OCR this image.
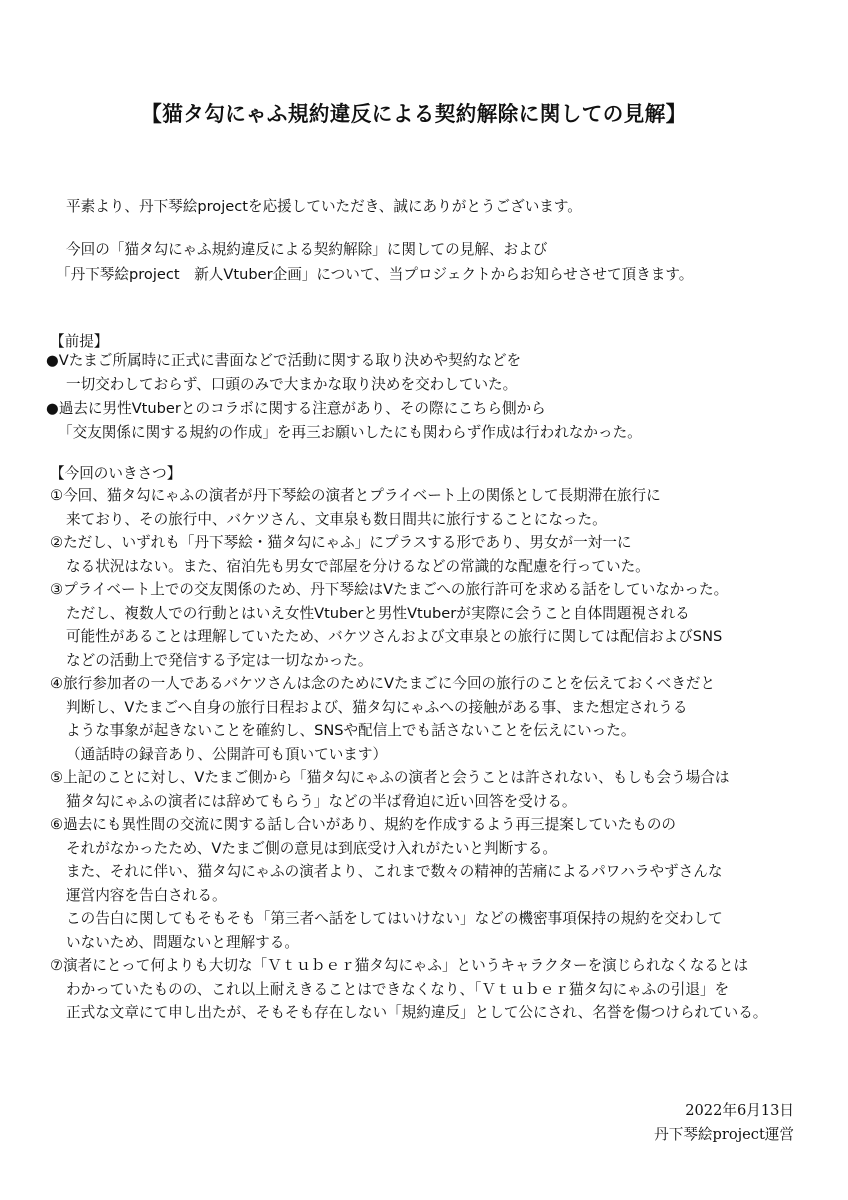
【猫タ勾にゃふ規約違反による契約解除に関しての見解】
平素より、丹下琴絵projectを応援していただき、誠にありがとうございます。
今回の「猫タ勾にゃふ規約違反による契約解除」に関しての見解、および
「丹下琴絵project　新人Vtuber企画」について、当プロジェクトからお知らせさせて頂きます。
【前提】
●Vたまご所属時に正式に書面などで活動に関する取り決めや契約などを
一切交わしておらず、口頭のみで大まかな取り決めを交わしていた。
●過去に男性Vtuberとのコラボに関する注意があり、その際にこちら側から
「交友関係に関する規約の作成」を再三お願いしたにも関わらず作成は行われなかった。
【今回のいきさつ】
①今回、猫タ勾にゃふの演者が丹下琴絵の演者とプライベート上の関係として長期滞在旅行に
来ており、その旅行中、バケツさん、文車泉も数日間共に旅行することになった。
②ただし、いずれも「丹下琴絵・猫タ勾にゃふ」にプラスする形であり、男女が一対一に
なる状況はない。また、宿泊先も男女で部屋を分けるなどの常識的な配慮を行っていた。
③プライベート上での交友関係のため、丹下琴絵はVたまごへの旅行許可を求める話をしていなかった。
ただし、複数人での行動とはいえ女性Vtuberと男性Vtuberが実際に会うこと自体問題視される
可能性があることは理解していたため、バケツさんおよび文車泉との旅行に関しては配信およびSNS
などの活動上で発信する予定は一切なかった。
④旅行参加者の一人であるバケツさんは念のためにVたまごに今回の旅行のことを伝えておくべきだと
判断し、Vたまごへ自身の旅行日程および、猫タ勾にゃふへの接触がある事、また想定されうる
ような事象が起きないことを確約し、SNSや配信上でも話さないことを伝えにいった。
（通話時の録音あり、公開許可も頂いています）
⑤上記のことに対し、Vたまご側から「猫タ勾にゃふの演者と会うことは許されない、もしも会う場合は
猫タ勾にゃふの演者には辞めてもらう」などの半ば脅迫に近い回答を受ける。
⑥過去にも異性間の交流に関する話し合いがあり、規約を作成するよう再三提案していたものの
それがなかったため、Vたまご側の意見は到底受け入れがたいと判断する。
また、それに伴い、猫タ勾にゃふの演者より、これまで数々の精神的苦痛によるパワハラやずさんな
運営内容を告白される。
この告白に関してもそもそも「第三者へ話をしてはいけない」などの機密事項保持の規約を交わして
いないため、問題ないと理解する。
⑦演者にとって何よりも大切な「Ｖｔｕｂｅｒ猫タ勾にゃふ」というキャラクターを演じられなくなるとは
わかっていたものの、これ以上耐えきることはできなくなり、「Ｖｔｕｂｅｒ猫タ勾にゃふの引退」を
正式な文章にて申し出たが、そもそも存在しない「規約違反」として公にされ、名誉を傷つけられている。
2022年6月13日
丹下琴絵project運営
